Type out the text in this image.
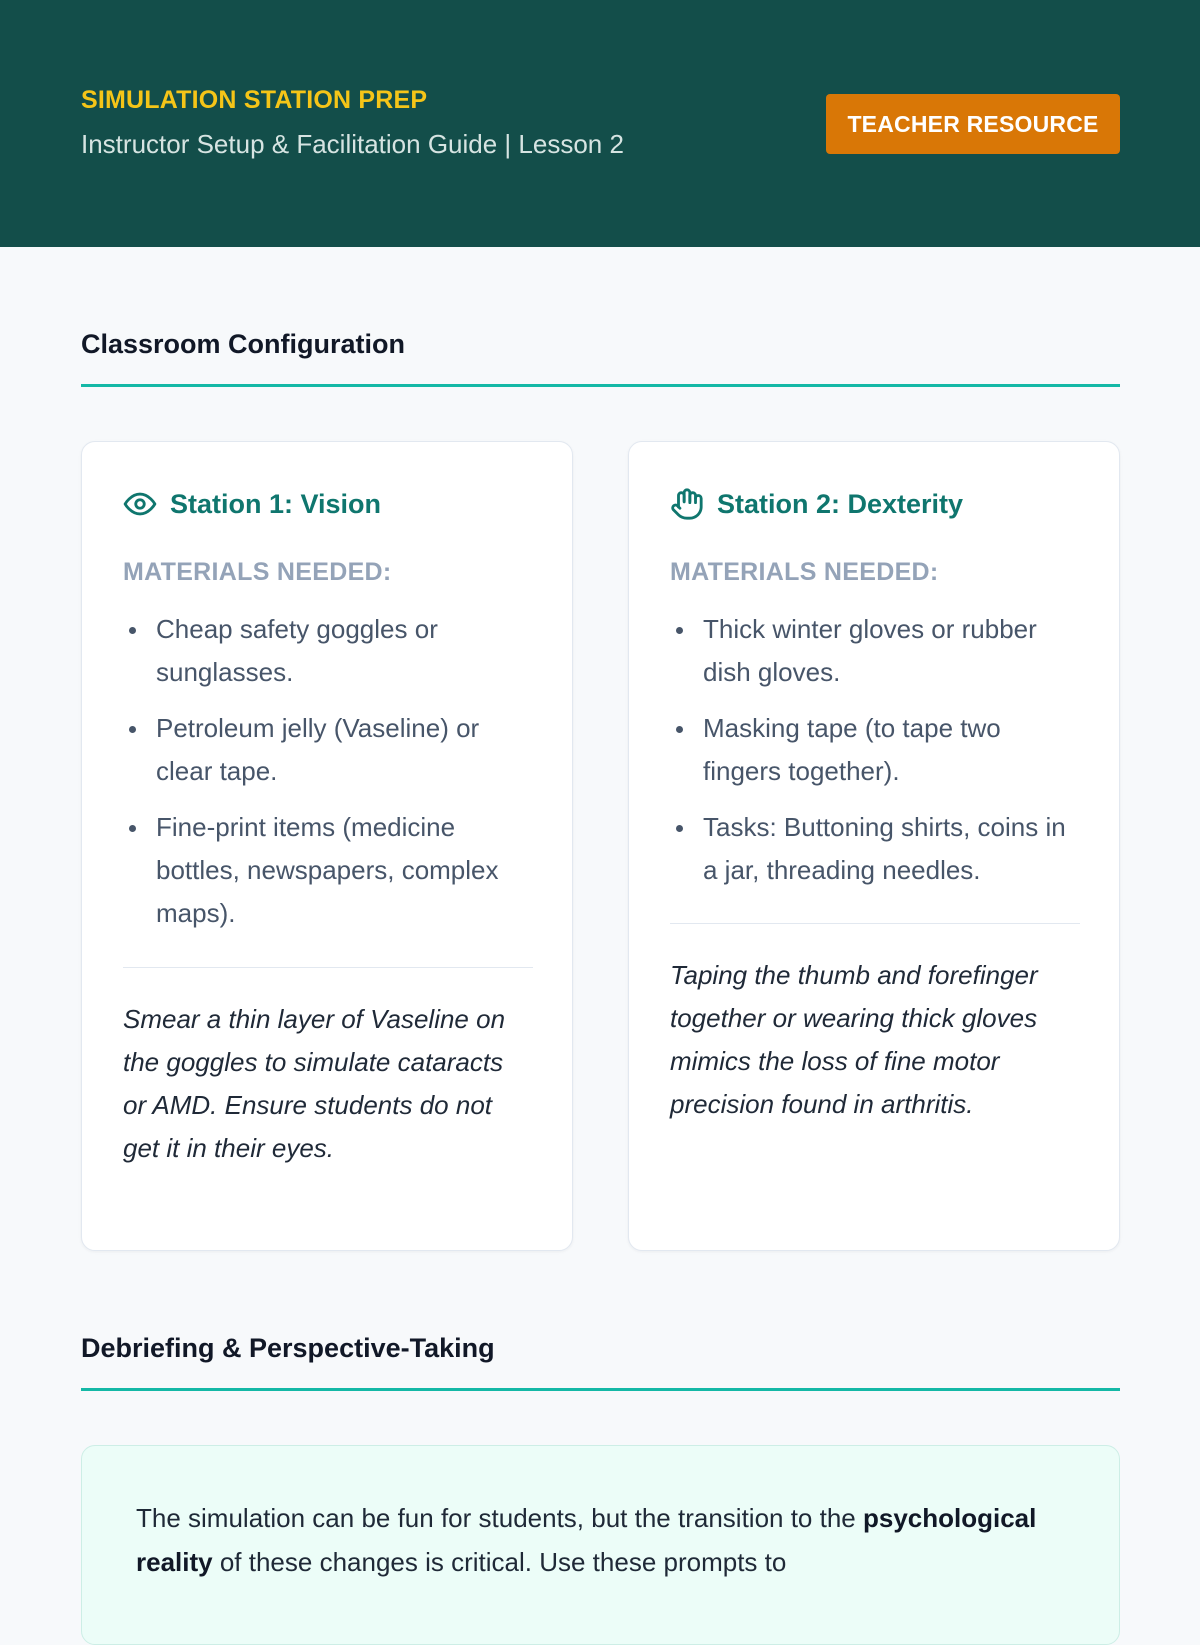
SIMULATION STATION PREP
Instructor Setup & Facilitation Guide | Lesson 2
TEACHER RESOURCE
Classroom Configuration
Station 1: Vision
MATERIALS NEEDED:
Cheap safety goggles or sunglasses.
Petroleum jelly (Vaseline) or clear tape.
Fine-print items (medicine bottles, newspapers, complex maps).
Smear a thin layer of Vaseline on the goggles to simulate cataracts or AMD. Ensure students do not get it in their eyes.
Station 2: Dexterity
MATERIALS NEEDED:
Thick winter gloves or rubber dish gloves.
Masking tape (to tape two fingers together).
Tasks: Buttoning shirts, coins in a jar, threading needles.
Taping the thumb and forefinger together or wearing thick gloves mimics the loss of fine motor precision found in arthritis.
Debriefing & Perspective-Taking

The simulation can be fun for students, but the transition to the psychological reality of these changes is critical. Use these prompts to
